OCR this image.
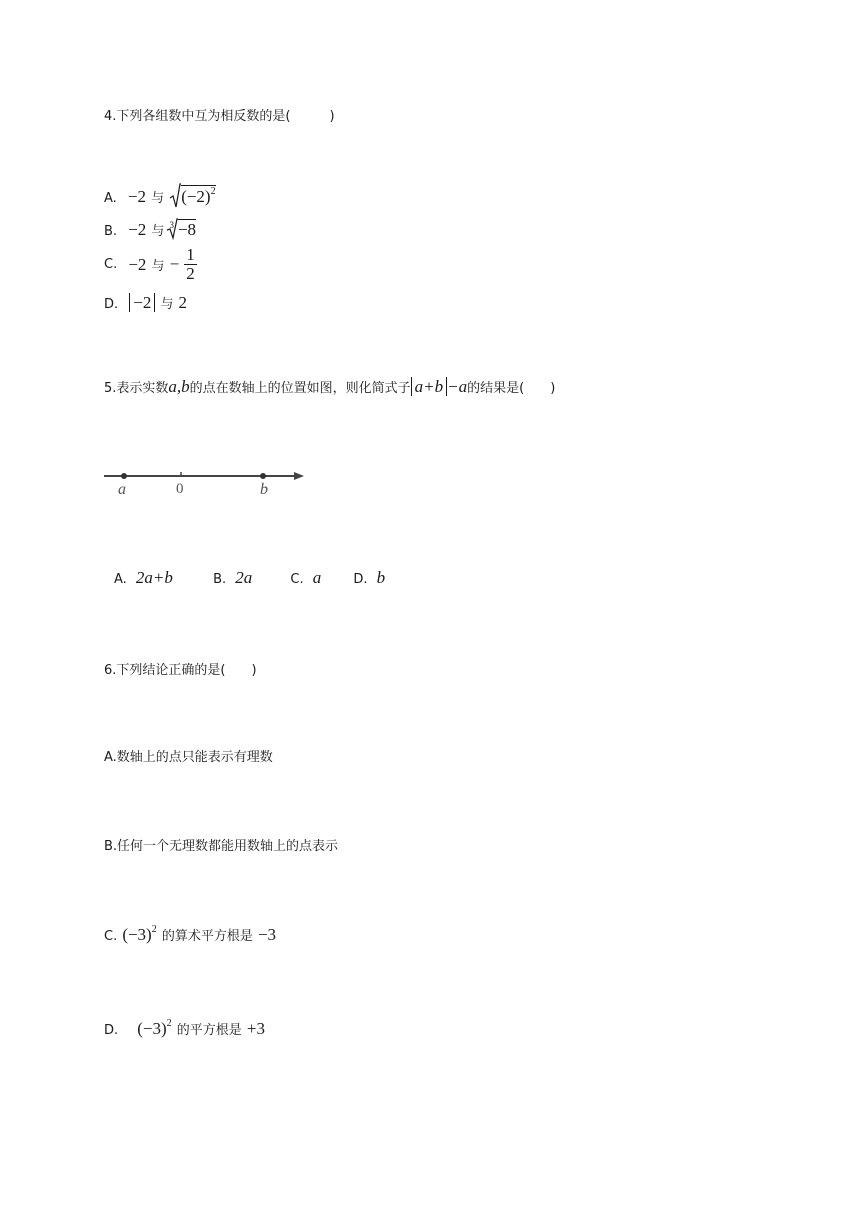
4.下列各组数中互为相反数的是(　　　)
A. −2 与 $(-2)^2$
B. −2 与 $^3$ −8
C. −2 与 − $\frac{1}{2}$
D. −2 与 2
5.表示实数a,b的点在数轴上的位置如图，则化简式子 a+b −a的结果是(　　)
a	0	b
A. 2a+b	B. 2a	C. a D. b
6.下列结论正确的是(　　)
A.数轴上的点只能表示有理数
B.任何一个无理数都能用数轴上的点表示
C. $(-3)^2$ 的算术平方根是 −3
D. $(-3)^2$ 的平方根是 +3
